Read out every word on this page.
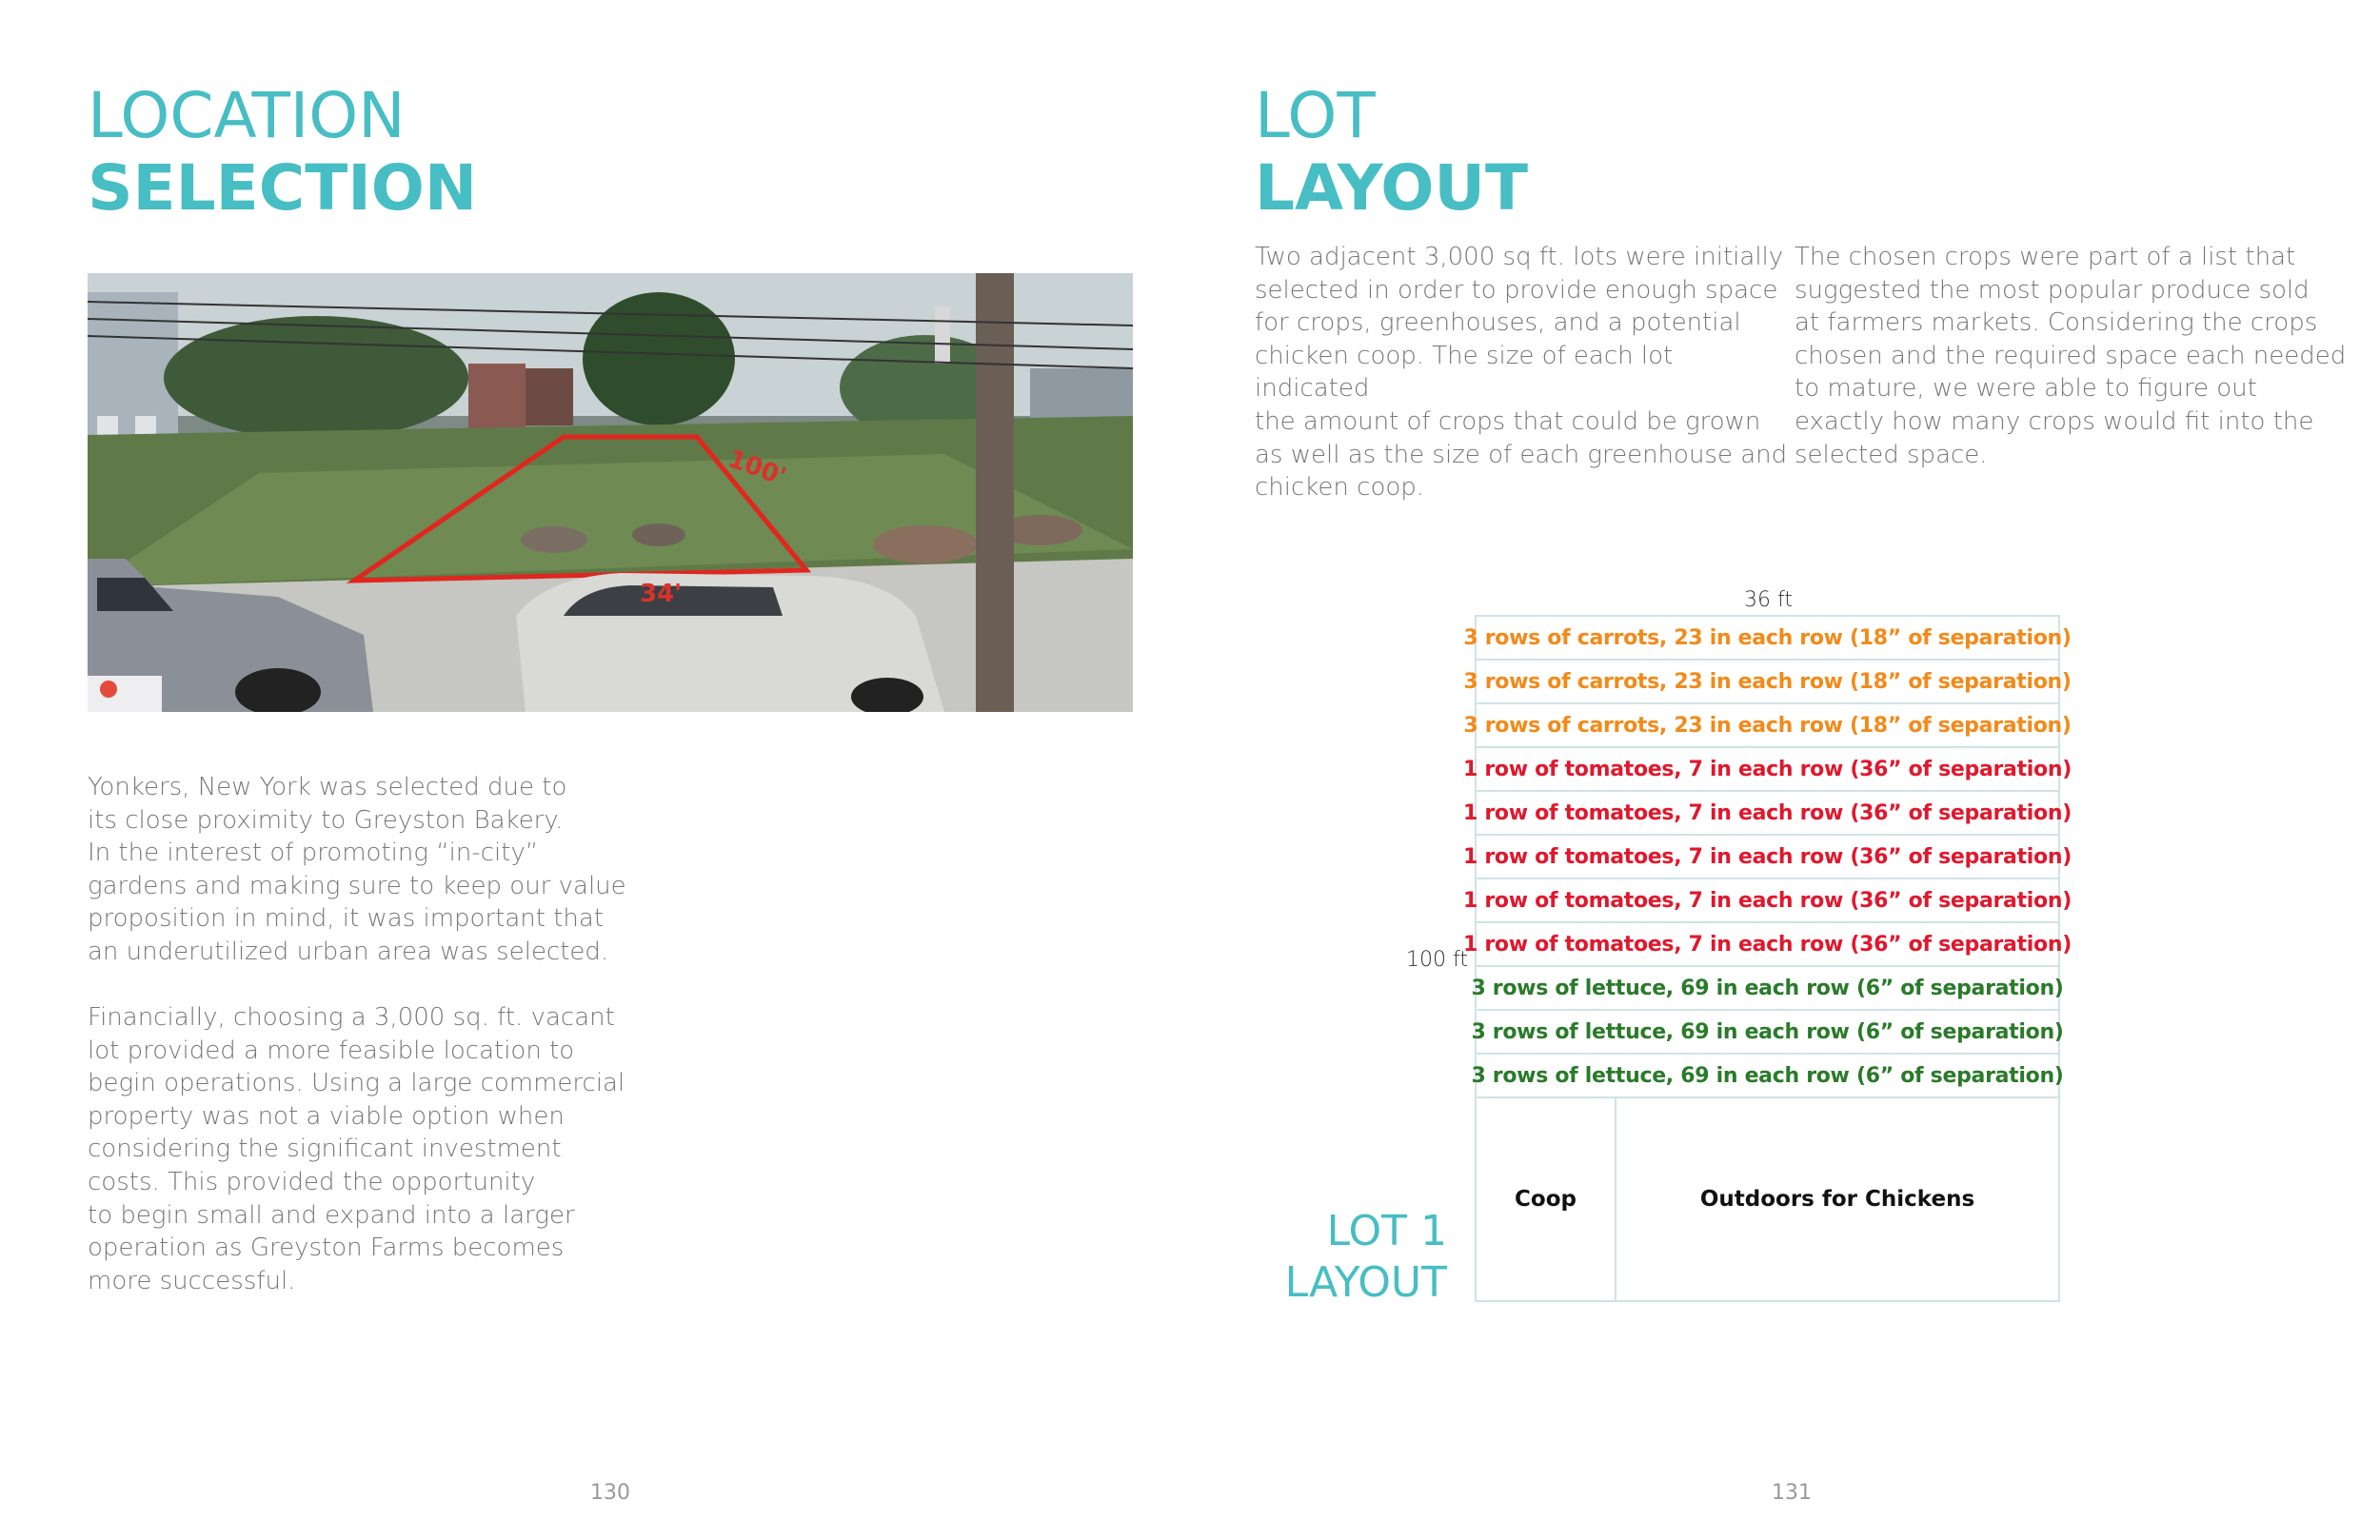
LOCATION
SELECTION
34'
100'
Yonkers, New York was selected due to
its close proximity to Greyston Bakery.
In the interest of promoting “in-city”
gardens and making sure to keep our value
proposition in mind, it was important that
an underutilized urban area was selected.
Financially, choosing a 3,000 sq. ft. vacant
lot provided a more feasible location to
begin operations. Using a large commercial
property was not a viable option when
considering the significant investment
costs. This provided the opportunity
to begin small and expand into a larger
operation as Greyston Farms becomes
more successful.
130
LOT
LAYOUT
Two adjacent 3,000 sq ft. lots were initially
selected in order to provide enough space
for crops, greenhouses, and a potential
chicken coop. The size of each lot indicated
the amount of crops that could be grown
as well as the size of each greenhouse and
chicken coop.
The chosen crops were part of a list that
suggested the most popular produce sold
at farmers markets. Considering the crops
chosen and the required space each needed
to mature, we were able to figure out
exactly how many crops would fit into the
selected space.
36 ft
100 ft
LOT 1
LAYOUT
3 rows of carrots, 23 in each row (18” of separation)
3 rows of carrots, 23 in each row (18” of separation)
3 rows of carrots, 23 in each row (18” of separation)
1 row of tomatoes, 7 in each row (36” of separation)
1 row of tomatoes, 7 in each row (36” of separation)
1 row of tomatoes, 7 in each row (36” of separation)
1 row of tomatoes, 7 in each row (36” of separation)
1 row of tomatoes, 7 in each row (36” of separation)
3 rows of lettuce, 69 in each row (6” of separation)
3 rows of lettuce, 69 in each row (6” of separation)
3 rows of lettuce, 69 in each row (6” of separation)
Coop	Outdoors for Chickens
131
